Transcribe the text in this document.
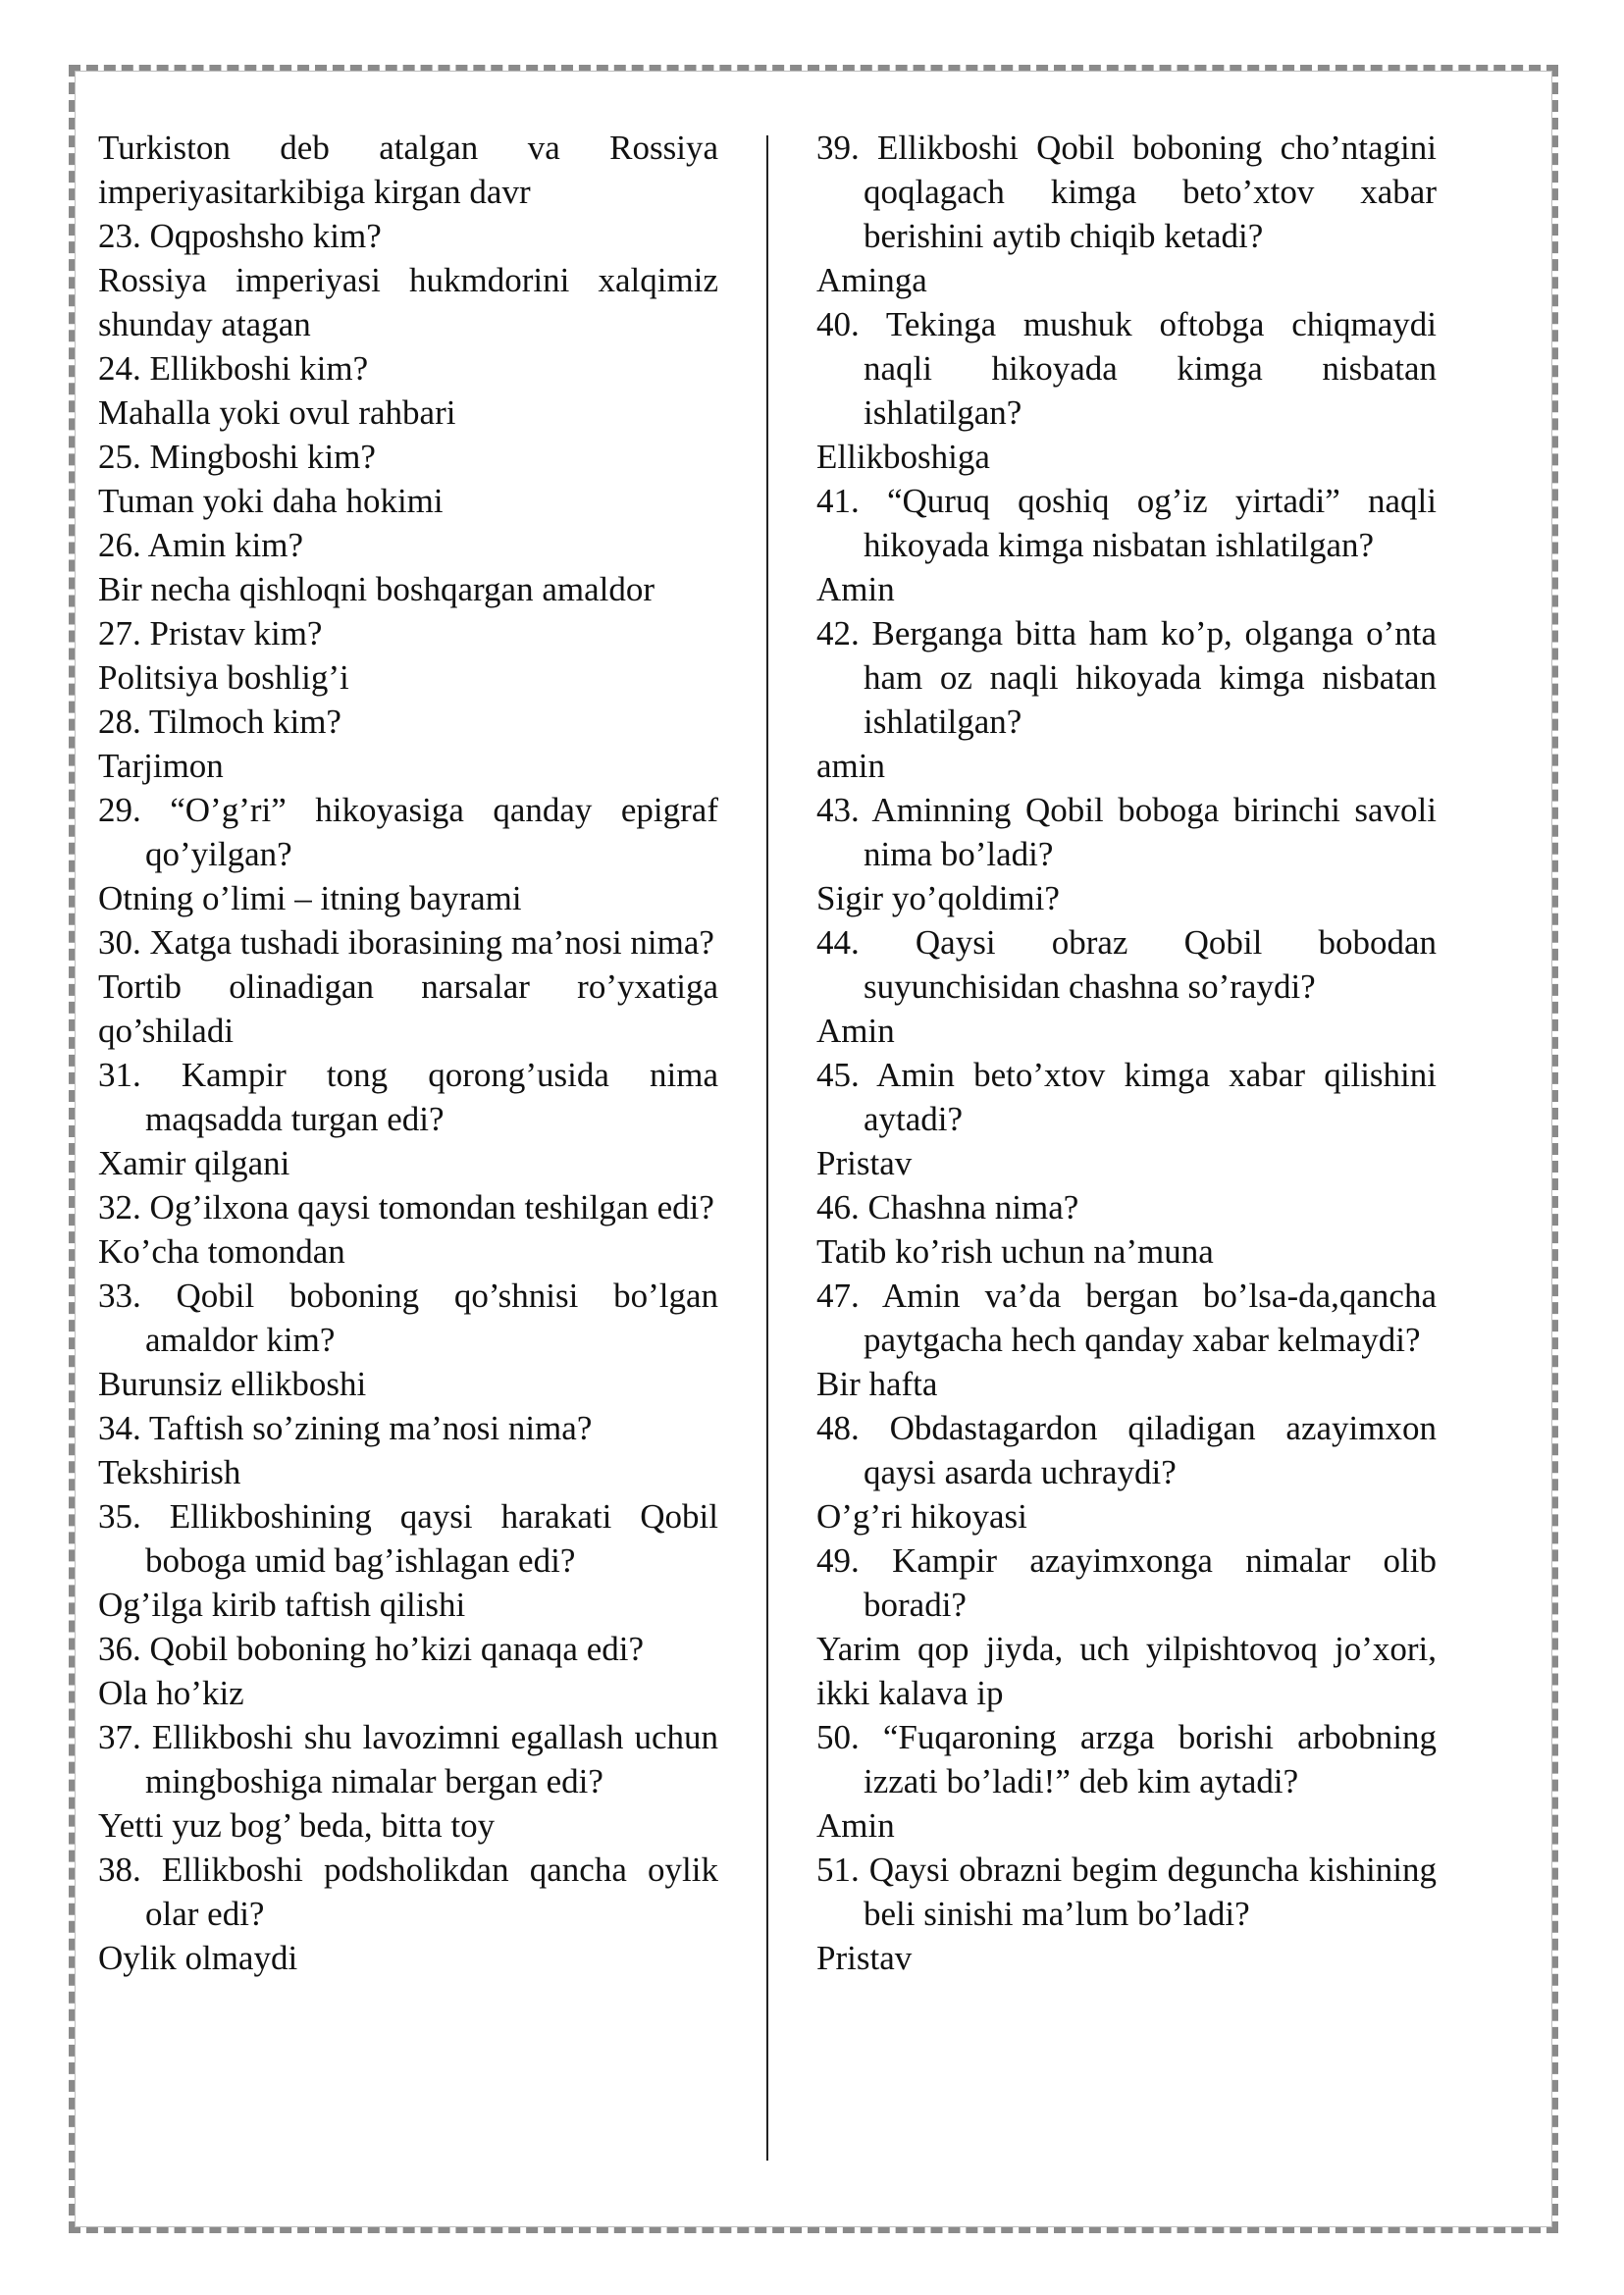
Turkiston deb atalgan va Rossiya imperiyasitarkibiga kirgan davr

23. Oqposhsho kim?

Rossiya imperiyasi hukmdorini xalqimiz shunday atagan

24. Ellikboshi kim?

Mahalla yoki ovul rahbari

25. Mingboshi kim?

Tuman yoki daha hokimi

26. Amin kim?

Bir necha qishloqni boshqargan amaldor

27. Pristav kim?

Politsiya boshlig’i

28. Tilmoch kim?

Tarjimon

29. “O’g’ri” hikoyasiga qanday epigraf qo’yilgan?

Otning o’limi – itning bayrami

30. Xatga tushadi iborasining ma’nosi nima?

Tortib olinadigan narsalar ro’yxatiga qo’shiladi

31. Kampir tong qorong’usida nima maqsadda turgan edi?

Xamir qilgani

32. Og’ilxona qaysi tomondan teshilgan edi?

Ko’cha tomondan

33. Qobil boboning qo’shnisi bo’lgan amaldor kim?

Burunsiz ellikboshi

34. Taftish so’zining ma’nosi nima?

Tekshirish

35. Ellikboshining qaysi harakati Qobil boboga umid bag’ishlagan edi?

Og’ilga kirib taftish qilishi

36. Qobil boboning ho’kizi qanaqa edi?

Ola ho’kiz

37. Ellikboshi shu lavozimni egallash uchun mingboshiga nimalar bergan edi?

Yetti yuz bog’ beda, bitta toy

38. Ellikboshi podsholikdan qancha oylik olar edi?

Oylik olmaydi

39. Ellikboshi Qobil boboning cho’ntagini qoqlagach kimga beto’xtov xabar berishini aytib chiqib ketadi?

Aminga

40. Tekinga mushuk oftobga chiqmaydi naqli hikoyada kimga nisbatan ishlatilgan?

Ellikboshiga

41. “Quruq qoshiq og’iz yirtadi” naqli hikoyada kimga nisbatan ishlatilgan?

Amin

42. Berganga bitta ham ko’p, olganga o’nta ham oz naqli hikoyada kimga nisbatan ishlatilgan?

amin

43. Aminning Qobil boboga birinchi savoli nima bo’ladi?

Sigir yo’qoldimi?

44. Qaysi obraz Qobil bobodan suyunchisidan chashna so’raydi?

Amin

45. Amin beto’xtov kimga xabar qilishini aytadi?

Pristav

46. Chashna nima?

Tatib ko’rish uchun na’muna

47. Amin va’da bergan bo’lsa-da,qancha paytgacha hech qanday xabar kelmaydi?

Bir hafta

48. Obdastagardon qiladigan azayimxon qaysi asarda uchraydi?

O’g’ri hikoyasi

49. Kampir azayimxonga nimalar olib boradi?

Yarim qop jiyda, uch yilpishtovoq jo’xori, ikki kalava ip

50. “Fuqaroning arzga borishi arbobning izzati bo’ladi!” deb kim aytadi?

Amin

51. Qaysi obrazni begim deguncha kishining beli sinishi ma’lum bo’ladi?

Pristav
